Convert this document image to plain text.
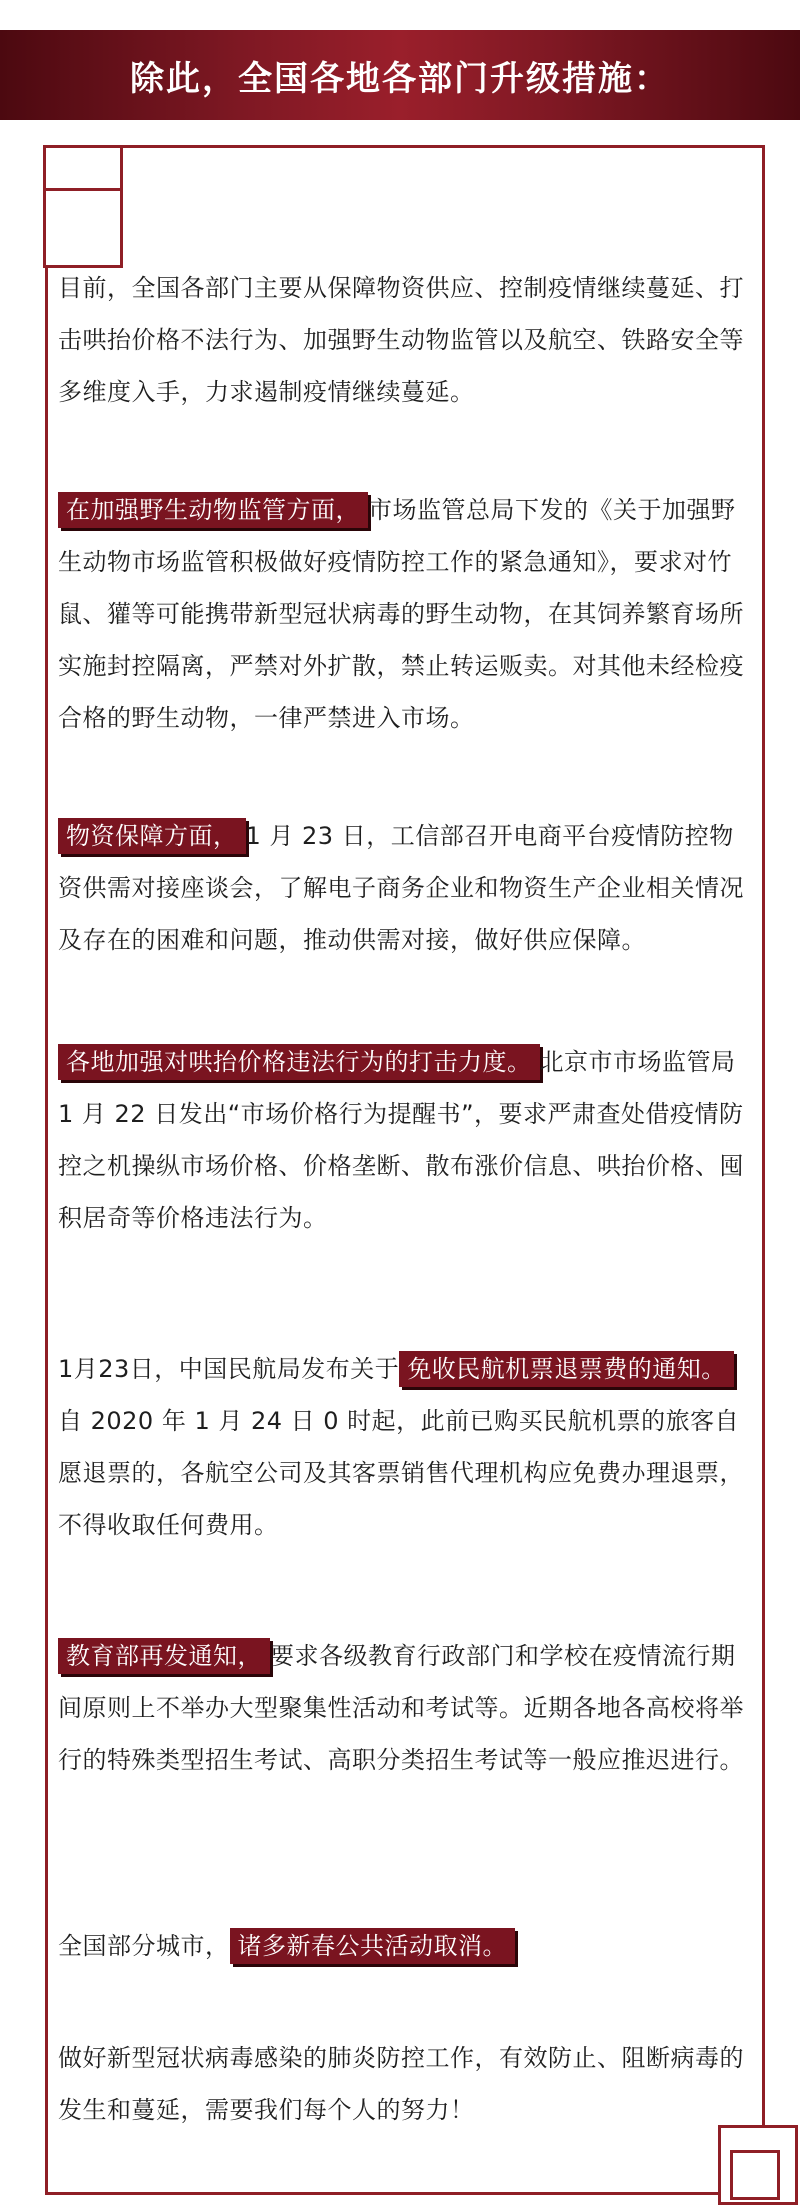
除此，全国各地各部门升级措施：
目前，全国各部门主要从保障物资供应、控制疫情继续蔓延、打击哄抬价格不法行为、加强野生动物监管以及航空、铁路安全等多维度入手，力求遏制疫情继续蔓延。
在加强野生动物监管方面， 市场监管总局下发的《关于加强野生动物市场监管积极做好疫情防控工作的紧急通知》，要求对竹鼠、獾等可能携带新型冠状病毒的野生动物，在其饲养繁育场所实施封控隔离，严禁对外扩散，禁止转运贩卖。对其他未经检疫合格的野生动物，一律严禁进入市场。
物资保障方面， 1 月 23 日，工信部召开电商平台疫情防控物资供需对接座谈会，了解电子商务企业和物资生产企业相关情况及存在的困难和问题，推动供需对接，做好供应保障。
各地加强对哄抬价格违法行为的打击力度。 北京市市场监管局 1 月 22 日发出“市场价格行为提醒书”，要求严肃查处借疫情防控之机操纵市场价格、价格垄断、散布涨价信息、哄抬价格、囤积居奇等价格违法行为。
1月23日，中国民航局发布关于 免收民航机票退票费的通知。自 2020 年 1 月 24 日 0 时起，此前已购买民航机票的旅客自愿退票的，各航空公司及其客票销售代理机构应免费办理退票，不得收取任何费用。
教育部再发通知， 要求各级教育行政部门和学校在疫情流行期间原则上不举办大型聚集性活动和考试等。近期各地各高校将举行的特殊类型招生考试、高职分类招生考试等一般应推迟进行。
全国部分城市， 诸多新春公共活动取消。
做好新型冠状病毒感染的肺炎防控工作，有效防止、阻断病毒的发生和蔓延，需要我们每个人的努力！
